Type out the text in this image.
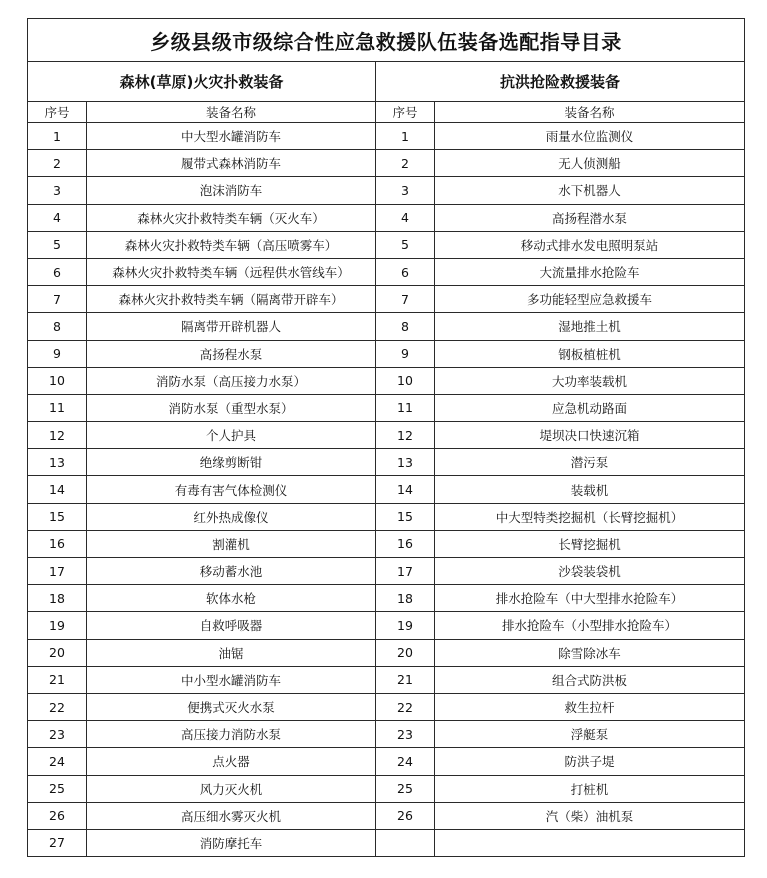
乡级县级市级综合性应急救援队伍装备选配指导目录			
森林(草原)火灾扑救装备		抗洪抢险救援装备	
序号	装备名称	序号	装备名称
1	中大型水罐消防车	1	雨量水位监测仪
2	履带式森林消防车	2	无人侦测船
3	泡沫消防车	3	水下机器人
4	森林火灾扑救特类车辆（灭火车）	4	高扬程潜水泵
5	森林火灾扑救特类车辆（高压喷雾车）	5	移动式排水发电照明泵站
6	森林火灾扑救特类车辆（远程供水管线车）	6	大流量排水抢险车
7	森林火灾扑救特类车辆（隔离带开辟车）	7	多功能轻型应急救援车
8	隔离带开辟机器人	8	湿地推土机
9	高扬程水泵	9	钢板植桩机
10	消防水泵（高压接力水泵）	10	大功率装载机
11	消防水泵（重型水泵）	11	应急机动路面
12	个人护具	12	堤坝决口快速沉箱
13	绝缘剪断钳	13	潜污泵
14	有毒有害气体检测仪	14	装载机
15	红外热成像仪	15	中大型特类挖掘机（长臂挖掘机）
16	割灌机	16	长臂挖掘机
17	移动蓄水池	17	沙袋装袋机
18	软体水枪	18	排水抢险车（中大型排水抢险车）
19	自救呼吸器	19	排水抢险车（小型排水抢险车）
20	油锯	20	除雪除冰车
21	中小型水罐消防车	21	组合式防洪板
22	便携式灭火水泵	22	救生拉杆
23	高压接力消防水泵	23	浮艇泵
24	点火器	24	防洪子堤
25	风力灭火机	25	打桩机
26	高压细水雾灭火机	26	汽（柴）油机泵
27	消防摩托车		
